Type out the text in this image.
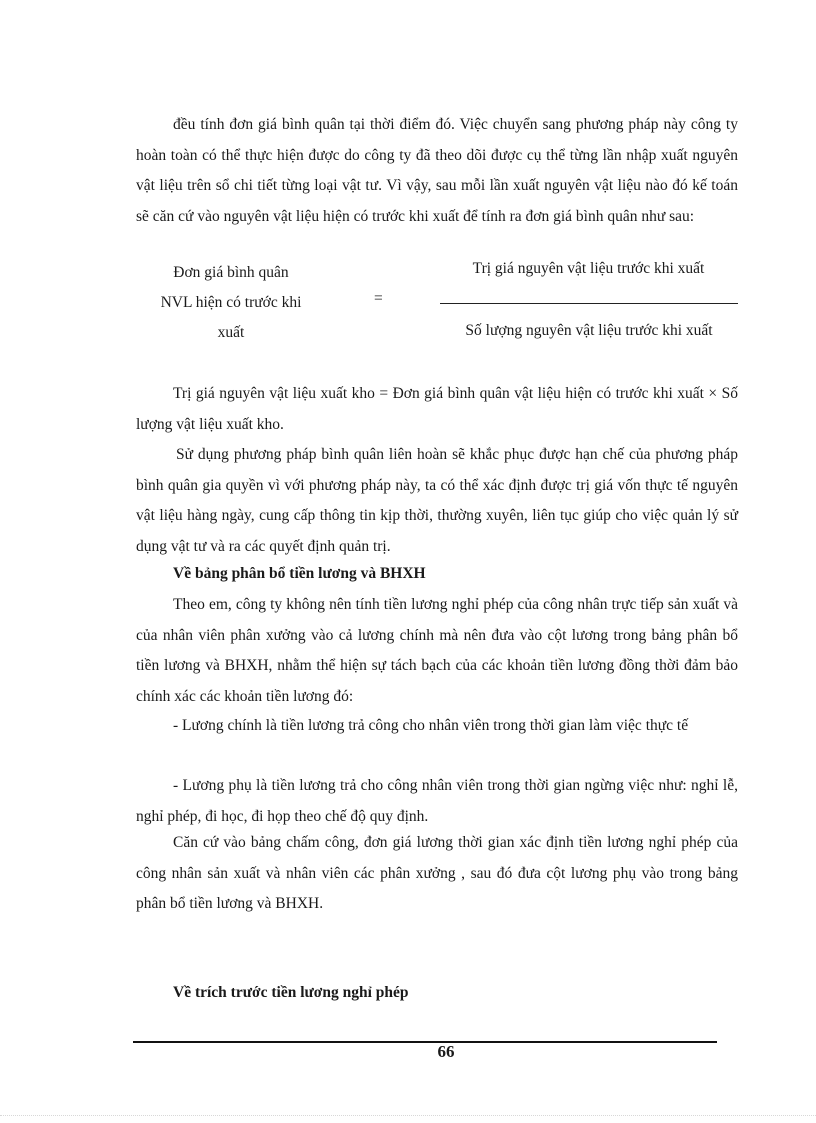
đều tính đơn giá bình quân tại thời điểm đó. Việc chuyển sang phương pháp này công ty hoàn toàn có thể thực hiện được do công ty đã theo dõi được cụ thể từng lần nhập xuất nguyên vật liệu trên sổ chi tiết từng loại vật tư. Vì vậy, sau mỗi lần xuất nguyên vật liệu nào đó kế toán sẽ căn cứ vào nguyên vật liệu hiện có trước khi xuất để tính ra đơn giá bình quân như sau:

Đơn giá bình quân
NVL hiện có trước khi
xuất
=
Trị giá nguyên vật liệu trước khi xuất
Số lượng nguyên vật liệu trước khi xuất

Trị giá nguyên vật liệu xuất kho = Đơn giá bình quân vật liệu hiện có trước khi xuất × Số lượng vật liệu xuất kho.

Sử dụng phương pháp bình quân liên hoàn sẽ khắc phục được hạn chế của phương pháp bình quân gia quyền vì với phương pháp này, ta có thể xác định được trị giá vốn thực tế nguyên vật liệu hàng ngày, cung cấp thông tin kịp thời, thường xuyên, liên tục giúp cho việc quản lý sử dụng vật tư và ra các quyết định quản trị.

Về bảng phân bổ tiền lương và BHXH

Theo em, công ty không nên tính tiền lương nghỉ phép của công nhân trực tiếp sản xuất và của nhân viên phân xưởng vào cả lương chính mà nên đưa vào cột lương trong bảng phân bổ tiền lương và BHXH, nhằm thể hiện sự tách bạch của các khoản tiền lương đồng thời đảm bảo chính xác các khoản tiền lương đó:

- Lương chính là tiền lương trả công cho nhân viên trong thời gian làm việc thực tế

- Lương phụ là tiền lương trả cho công nhân viên trong thời gian ngừng việc như: nghỉ lễ, nghỉ phép, đi học, đi họp theo chế độ quy định.

Căn cứ vào bảng chấm công, đơn giá lương thời gian xác định tiền lương nghỉ phép của công nhân sản xuất và nhân viên các phân xưởng , sau đó đưa cột lương phụ vào trong bảng phân bổ tiền lương và BHXH.

Về trích trước tiền lương nghỉ phép

66
